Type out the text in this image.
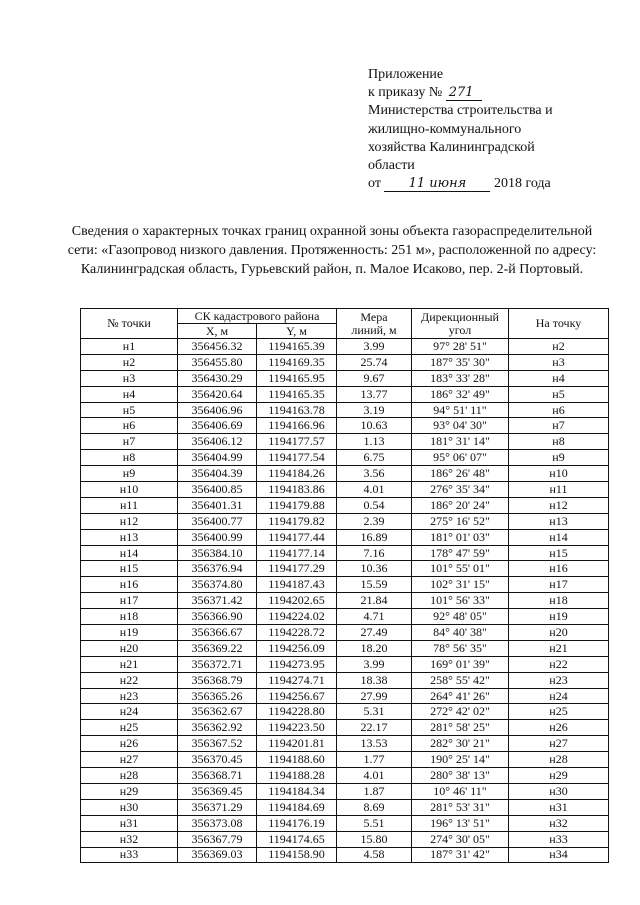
Приложение
к приказу № 271
Министерства строительства и
жилищно-коммунального
хозяйства Калининградской
области
от 11 июня 2018 года
Сведения о характерных точках границ охранной зоны объекта газораспределительной сети: «Газопровод низкого давления. Протяженность: 251 м», расположенной по адресу: Калининградская область, Гурьевский район, п. Малое Исаково, пер. 2-й Портовый.
№ точки	СК кадастрового района		Мера линий, м	Дирекционный угол	На точку
	X, м	Y, м			
н1	356456.32	1194165.39	3.99	97° 28' 51"	н2
н2	356455.80	1194169.35	25.74	187° 35' 30"	н3
н3	356430.29	1194165.95	9.67	183° 33' 28"	н4
н4	356420.64	1194165.35	13.77	186° 32' 49"	н5
н5	356406.96	1194163.78	3.19	94° 51' 11"	н6
н6	356406.69	1194166.96	10.63	93° 04' 30"	н7
н7	356406.12	1194177.57	1.13	181° 31' 14"	н8
н8	356404.99	1194177.54	6.75	95° 06' 07"	н9
н9	356404.39	1194184.26	3.56	186° 26' 48"	н10
н10	356400.85	1194183.86	4.01	276° 35' 34"	н11
н11	356401.31	1194179.88	0.54	186° 20' 24"	н12
н12	356400.77	1194179.82	2.39	275° 16' 52"	н13
н13	356400.99	1194177.44	16.89	181° 01' 03"	н14
н14	356384.10	1194177.14	7.16	178° 47' 59"	н15
н15	356376.94	1194177.29	10.36	101° 55' 01"	н16
н16	356374.80	1194187.43	15.59	102° 31' 15"	н17
н17	356371.42	1194202.65	21.84	101° 56' 33"	н18
н18	356366.90	1194224.02	4.71	92° 48' 05"	н19
н19	356366.67	1194228.72	27.49	84° 40' 38"	н20
н20	356369.22	1194256.09	18.20	78° 56' 35"	н21
н21	356372.71	1194273.95	3.99	169° 01' 39"	н22
н22	356368.79	1194274.71	18.38	258° 55' 42"	н23
н23	356365.26	1194256.67	27.99	264° 41' 26"	н24
н24	356362.67	1194228.80	5.31	272° 42' 02"	н25
н25	356362.92	1194223.50	22.17	281° 58' 25"	н26
н26	356367.52	1194201.81	13.53	282° 30' 21"	н27
н27	356370.45	1194188.60	1.77	190° 25' 14"	н28
н28	356368.71	1194188.28	4.01	280° 38' 13"	н29
н29	356369.45	1194184.34	1.87	10° 46' 11"	н30
н30	356371.29	1194184.69	8.69	281° 53' 31"	н31
н31	356373.08	1194176.19	5.51	196° 13' 51"	н32
н32	356367.79	1194174.65	15.80	274° 30' 05"	н33
н33	356369.03	1194158.90	4.58	187° 31' 42"	н34
